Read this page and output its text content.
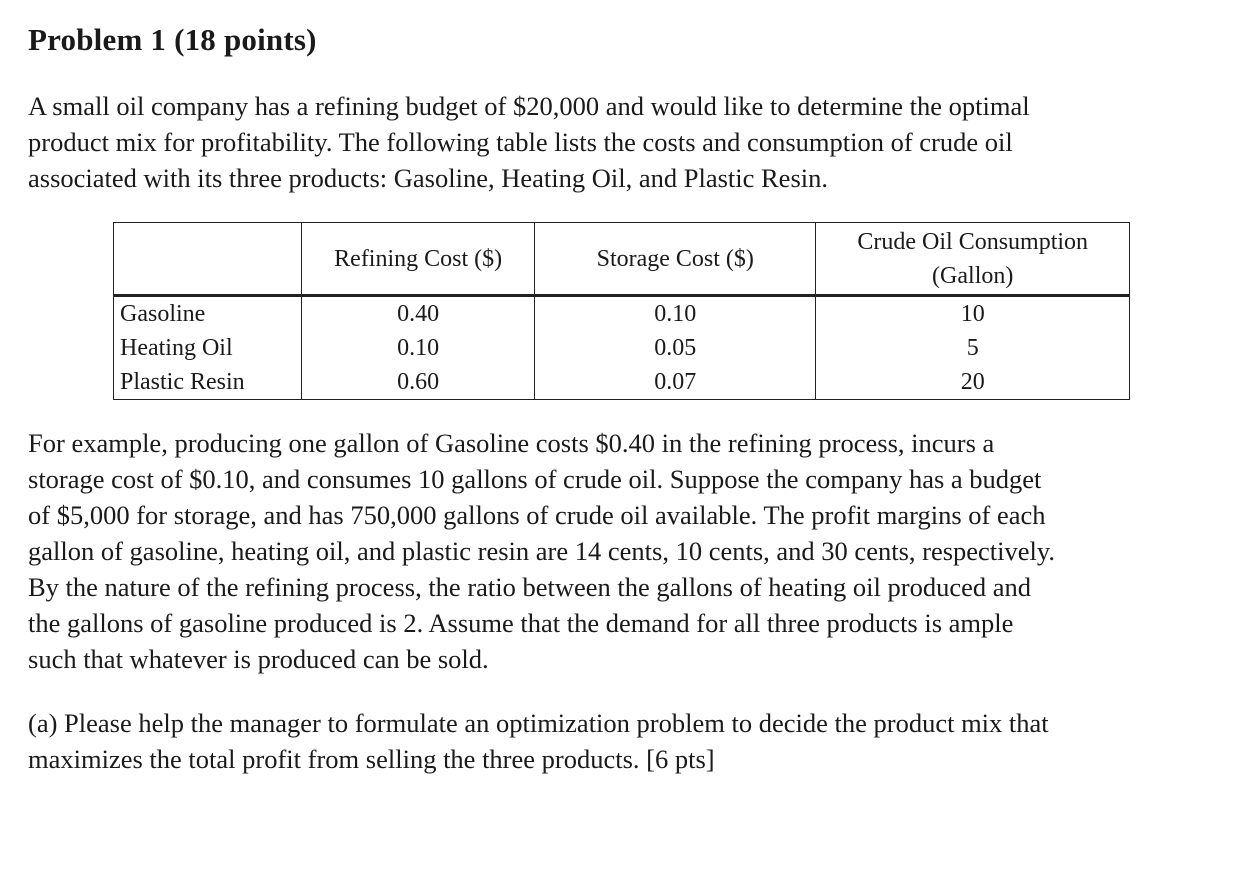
Problem 1 (18 points)

A small oil company has a refining budget of $20,000 and would like to determine the optimal
product mix for profitability. The following table lists the costs and consumption of crude oil
associated with its three products: Gasoline, Heating Oil, and Plastic Resin.

	Refining Cost ($)	Storage Cost ($)	Crude Oil Consumption
(Gallon)

Gasoline	0.40	0.10	10
Heating Oil	0.10	0.05	5
Plastic Resin	0.60	0.07	20

For example, producing one gallon of Gasoline costs $0.40 in the refining process, incurs a
storage cost of $0.10, and consumes 10 gallons of crude oil. Suppose the company has a budget
of $5,000 for storage, and has 750,000 gallons of crude oil available. The profit margins of each
gallon of gasoline, heating oil, and plastic resin are 14 cents, 10 cents, and 30 cents, respectively.
By the nature of the refining process, the ratio between the gallons of heating oil produced and
the gallons of gasoline produced is 2. Assume that the demand for all three products is ample
such that whatever is produced can be sold.

(a) Please help the manager to formulate an optimization problem to decide the product mix that
maximizes the total profit from selling the three products. [6 pts]
